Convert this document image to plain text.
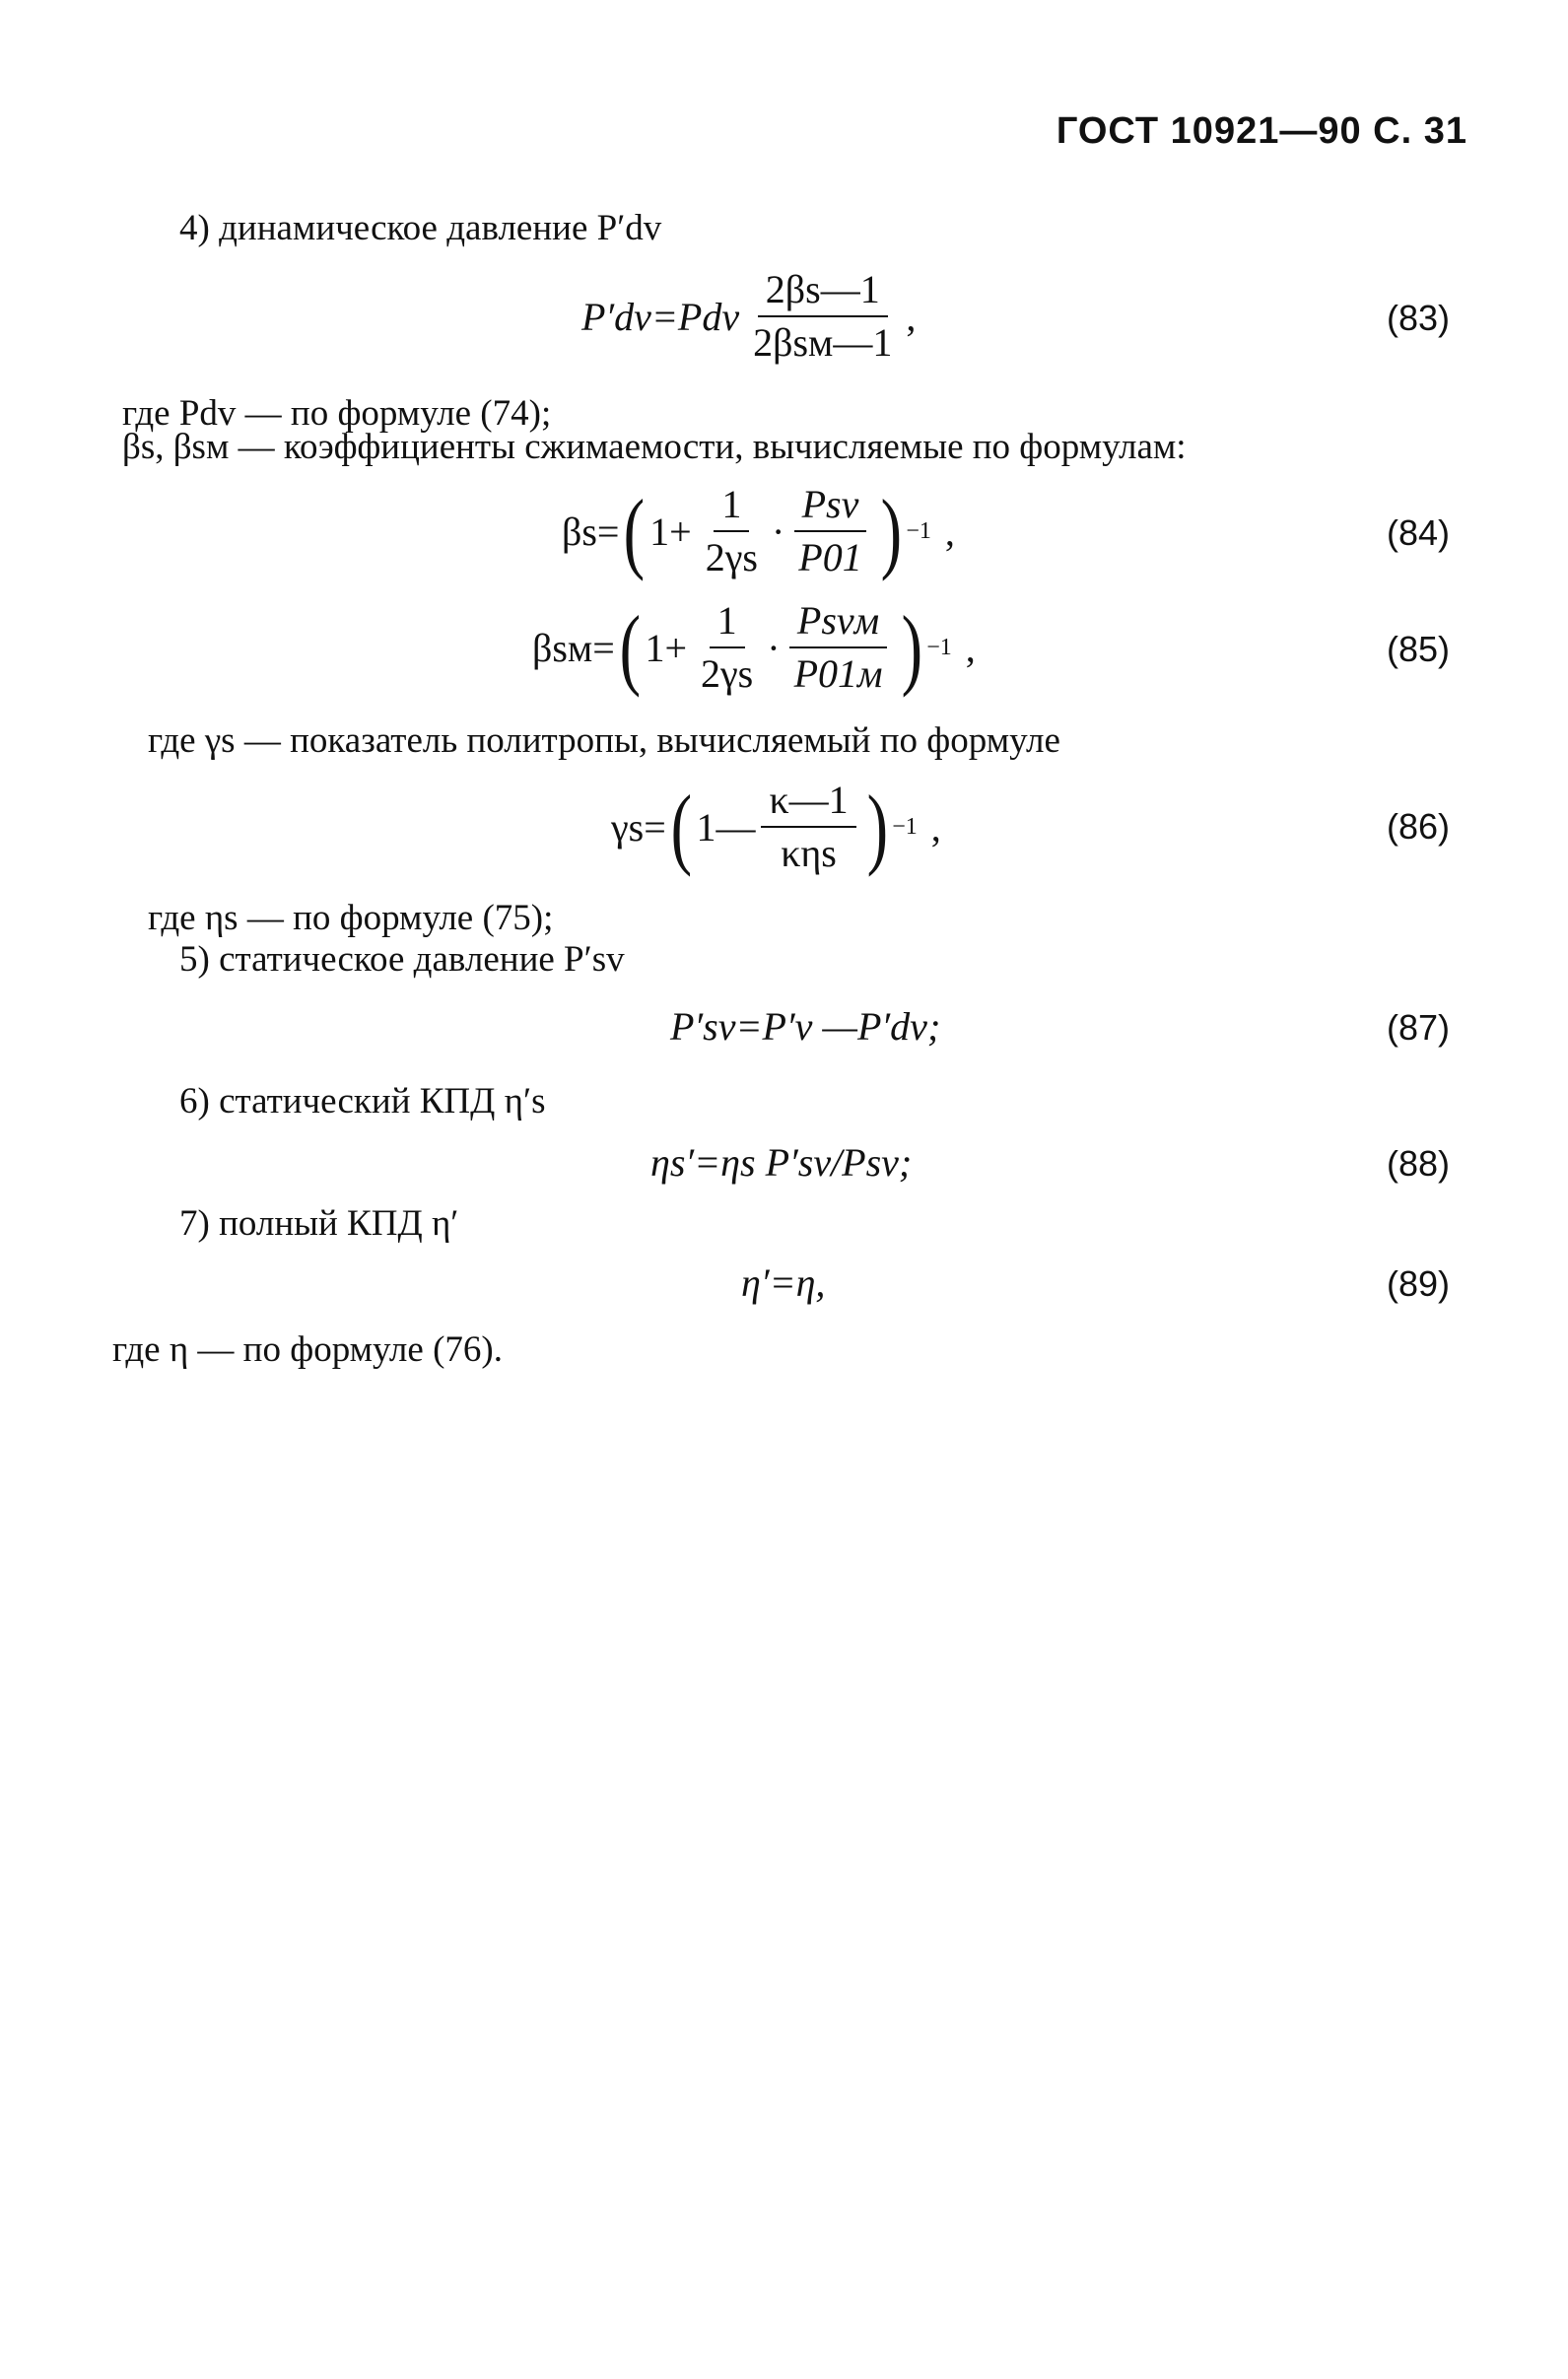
ГОСТ 10921—90 С. 31
4) динамическое давление P′dv
$P'dv=Pdv \frac{2\beta s—1}{\text{2βsм—1}}$ ,	(83)
где Pdv — по формуле (74);
βs, βsм — коэффициенты сжимаемости, вычисляемые по формулам:
βs= ( $1+ \frac{1}{2\gamma s} \cdot \frac{\text{Psv}}{P01}$ ) −1 ,	(84)
βsм= ( $1+ \frac{1}{2\gamma s} \cdot \frac{\text{Psvм}}{P01м}$ ) −1 ,	(85)
где γs — показатель политропы, вычисляемый по формуле
γs= ( 1— $\frac{\kappa—1}{\text{κηs}}$ ) −1 ,	(86)
где ηs — по формуле (75);
5) статическое давление P′sv
P′sv=P′v —P′dv;	(87)
6) статический КПД η′s
ηs′=ηs P′sv/Psv;	(88)
7) полный КПД η′
η′=η,	(89)
где η — по формуле (76).
